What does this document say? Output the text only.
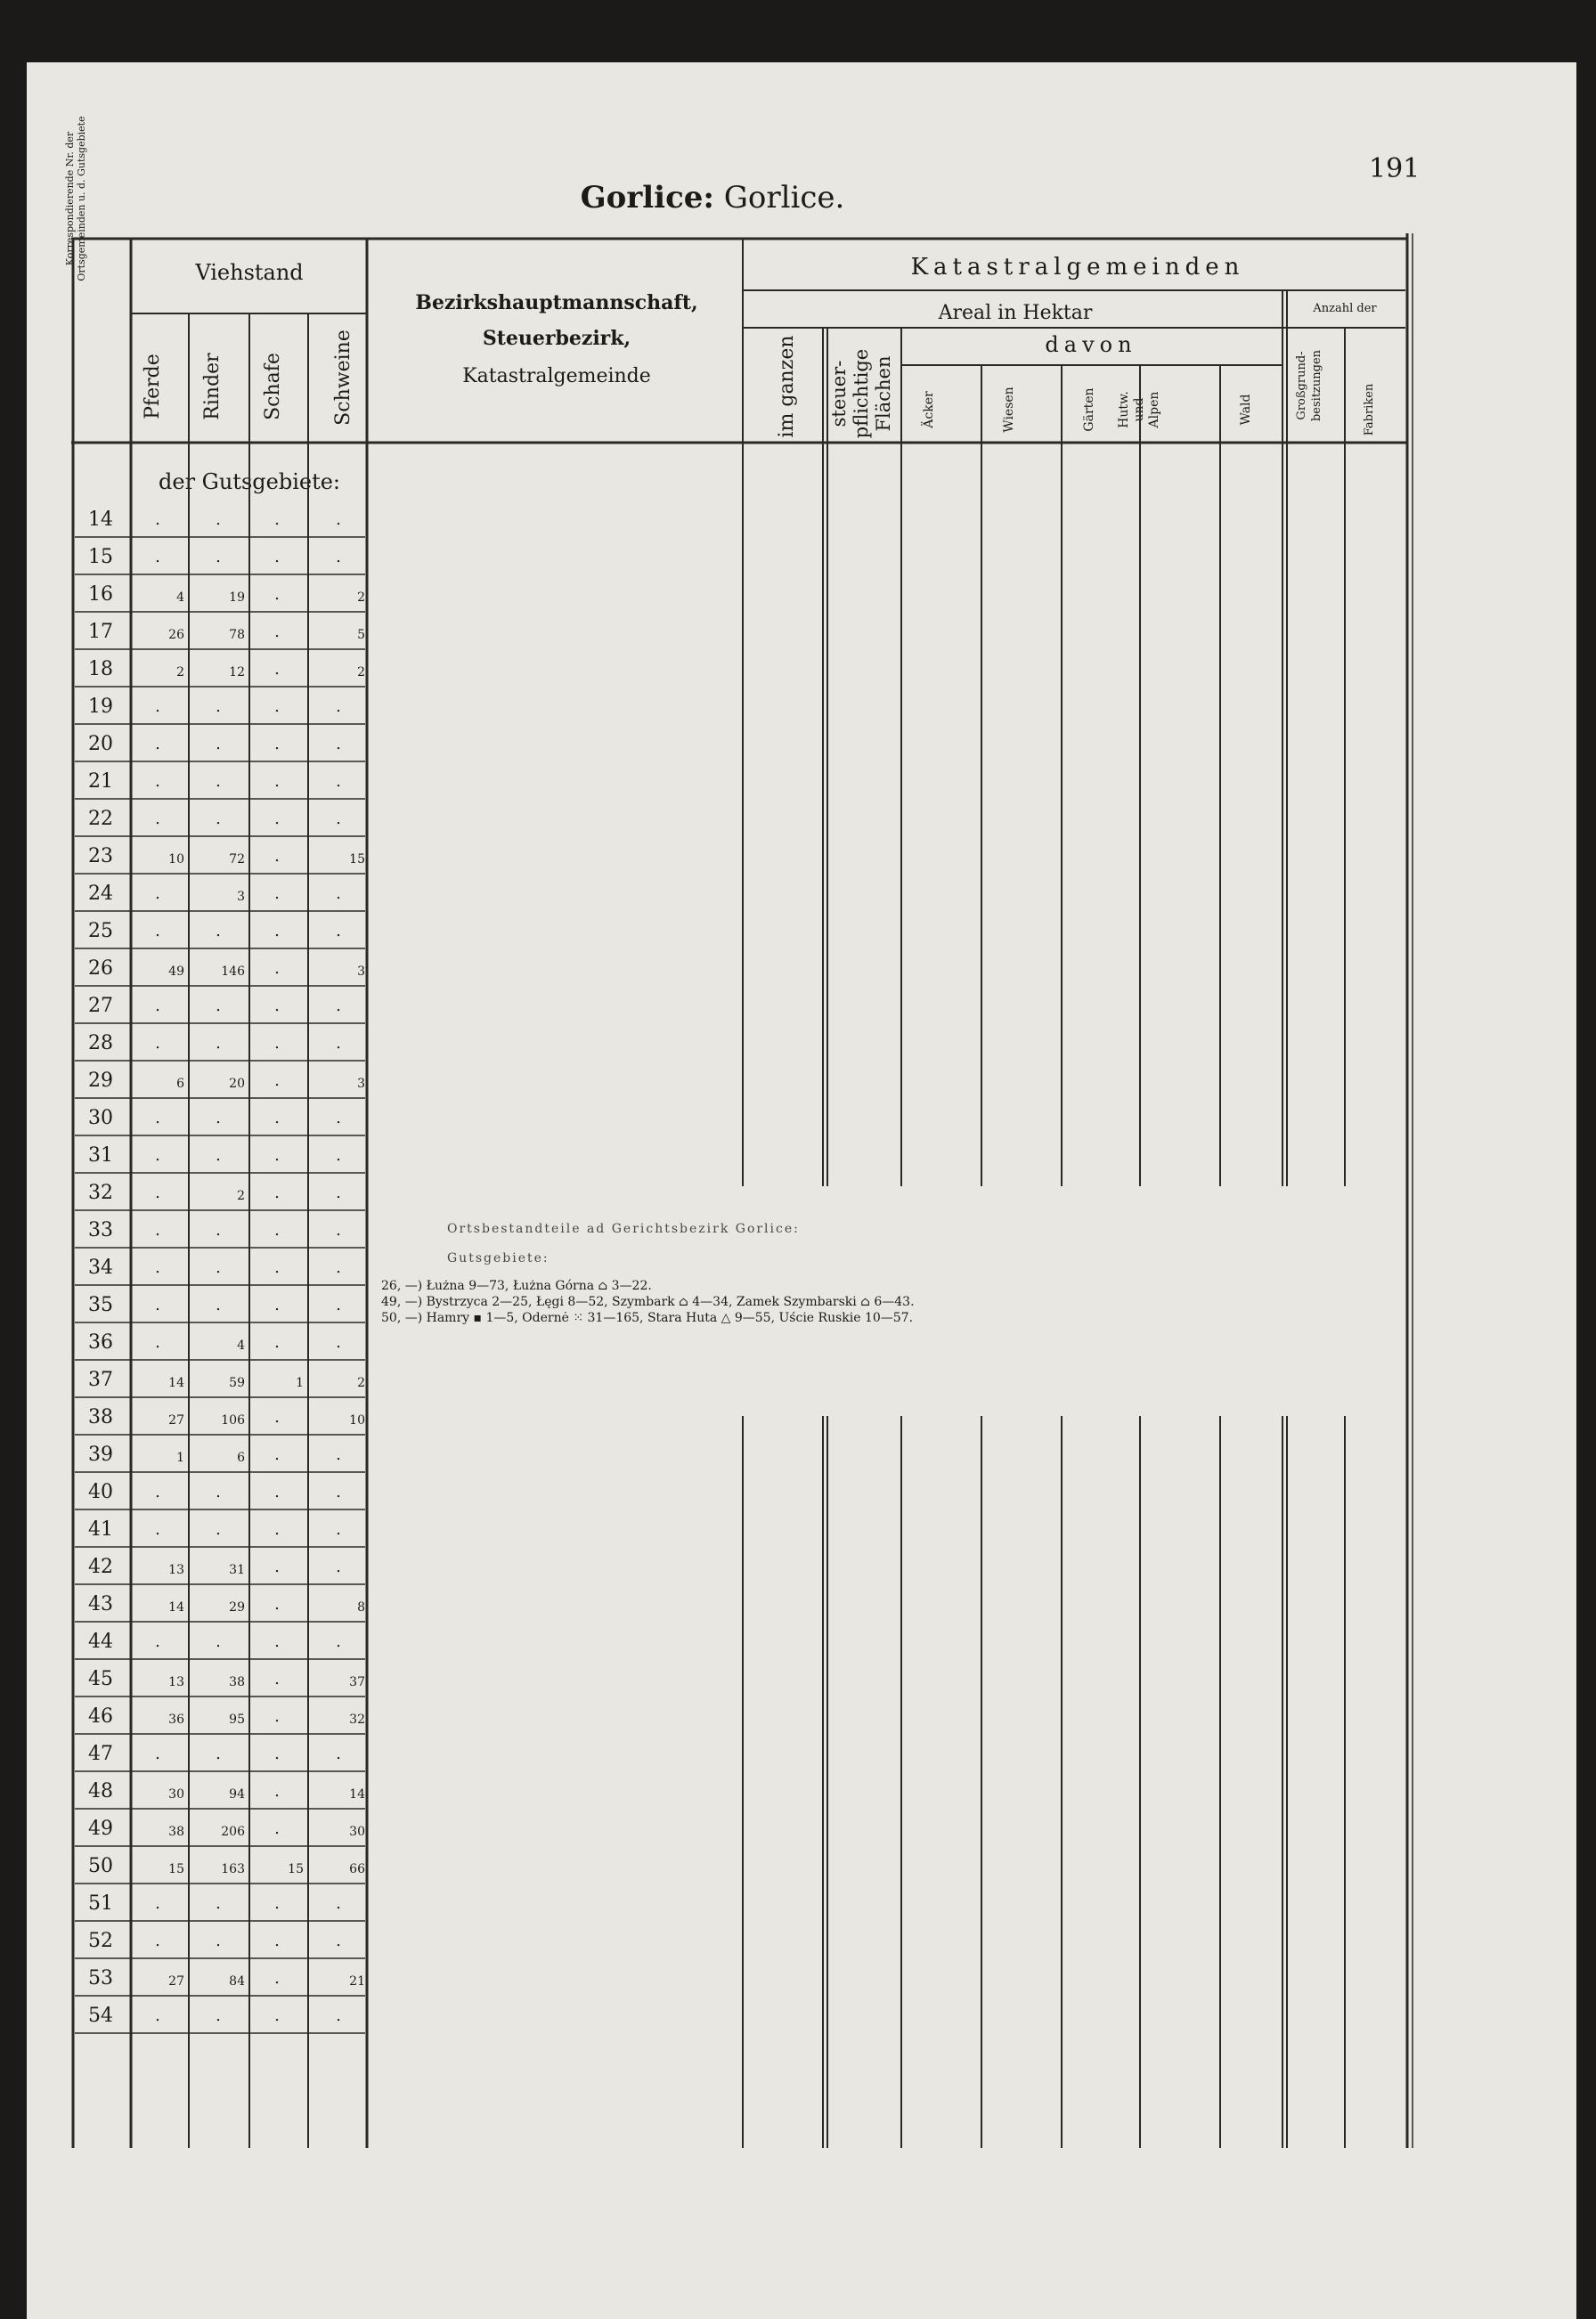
191
Gorlice: Gorlice.
Korrespondierende Nr. der Ortsgemeinden u. d. Gutsgebiete	Viehstand
Pferde Rinder Schafe Schweine
Bezirkshauptmannschaft,
Steuerbezirk,
Katastralgemeinde
Katastralgemeinden
Areal in Hektar	Anzahl der
im ganzen steuer- pflichtige Flächen
davon
Äcker	Wiesen	Gärten Hutw. und Alpen	Wald	Großgrund- besitzungen	Fabriken
der Gutsgebiete:
14	.	.	.	.
15	.	.	.	.
16	4	19	.	2
17	26	78	.	5
18	2	12	.	2
19	.	.	.	.
20	.	.	.	.
21	.	.	.	.
22	.	.	.	.
23	10	72	.	15
24	.	3	.	.
25	.	.	.	.
26	49	146	.	3
27	.	.	.	.
28	.	.	.	.
29	6	20	.	3
30	.	.	.	.
31	.	.	.	.
32	.	2	.	.
33	.	.	.	.
34	.	.	.	.
35	.	.	.	.
36	.	4	.	.
37	14	59	1	2
38	27	106	.	10
39	1	6	.	.
40	.	.	.	.
41	.	.	.	.
42	13	31	.	.
43	14	29	.	8
44	.	.	.	.
45	13	38	.	37
46	36	95	.	32
47	.	.	.	.
48	30	94	.	14
49	38	206	.	30
50	15	163	15	66
51	.	.	.	.
52	.	.	.	.
53	27	84	.	21
54	.	.	.	.
Ortsbestandteile ad Gerichtsbezirk Gorlice:
Gutsgebiete:
26, —) Łużna 9—73, Łużna Górna ⌂ 3—22.
49, —) Bystrzyca 2—25, Łęgi 8—52, Szymbark ⌂ 4—34, Zamek Szymbarski ⌂ 6—43.
50, —) Hamry ▪ 1—5, Odernė ⁙ 31—165, Stara Huta △ 9—55, Uście Ruskie 10—57.
